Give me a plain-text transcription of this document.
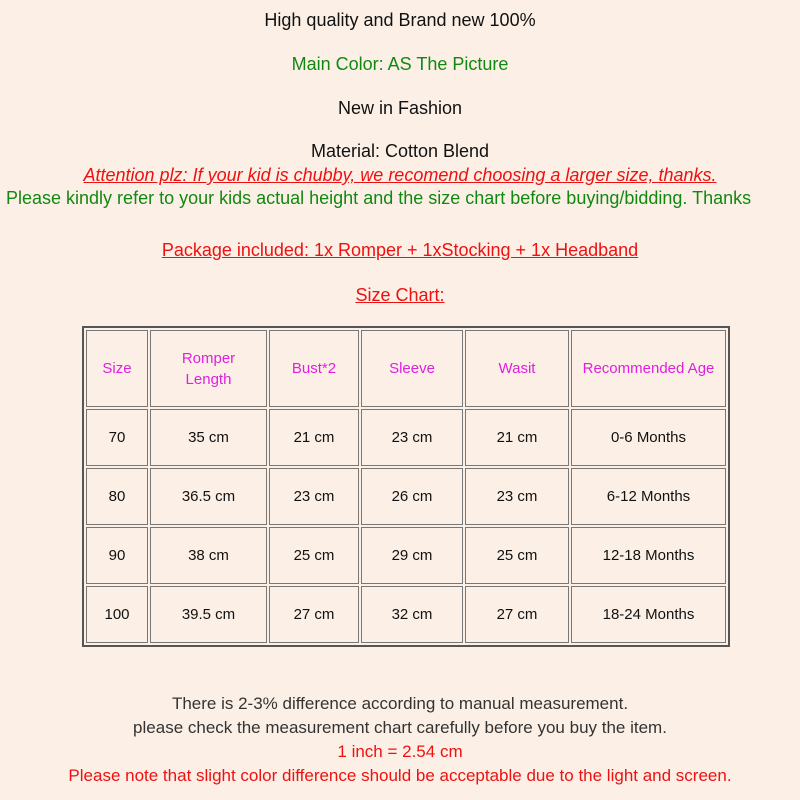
High quality and Brand new 100%
Main Color: AS The Picture
New in Fashion
Material: Cotton Blend
Attention plz: If your kid is chubby, we recomend choosing a larger size, thanks.
Please kindly refer to your kids actual height and the size chart before buying/bidding. Thanks
Package included: 1x Romper + 1xStocking + 1x Headband
Size Chart:
Size	Romper Length	Bust*2	Sleeve	Wasit	Recommended Age
70	35 cm	21 cm	23 cm	21 cm	0-6 Months
80	36.5 cm	23 cm	26 cm	23 cm	6-12 Months
90	38 cm	25 cm	29 cm	25 cm	12-18 Months
100	39.5 cm	27 cm	32 cm	27 cm	18-24 Months
There is 2-3% difference according to manual measurement.
please check the measurement chart carefully before you buy the item.
1 inch = 2.54 cm
Please note that slight color difference should be acceptable due to the light and screen.
